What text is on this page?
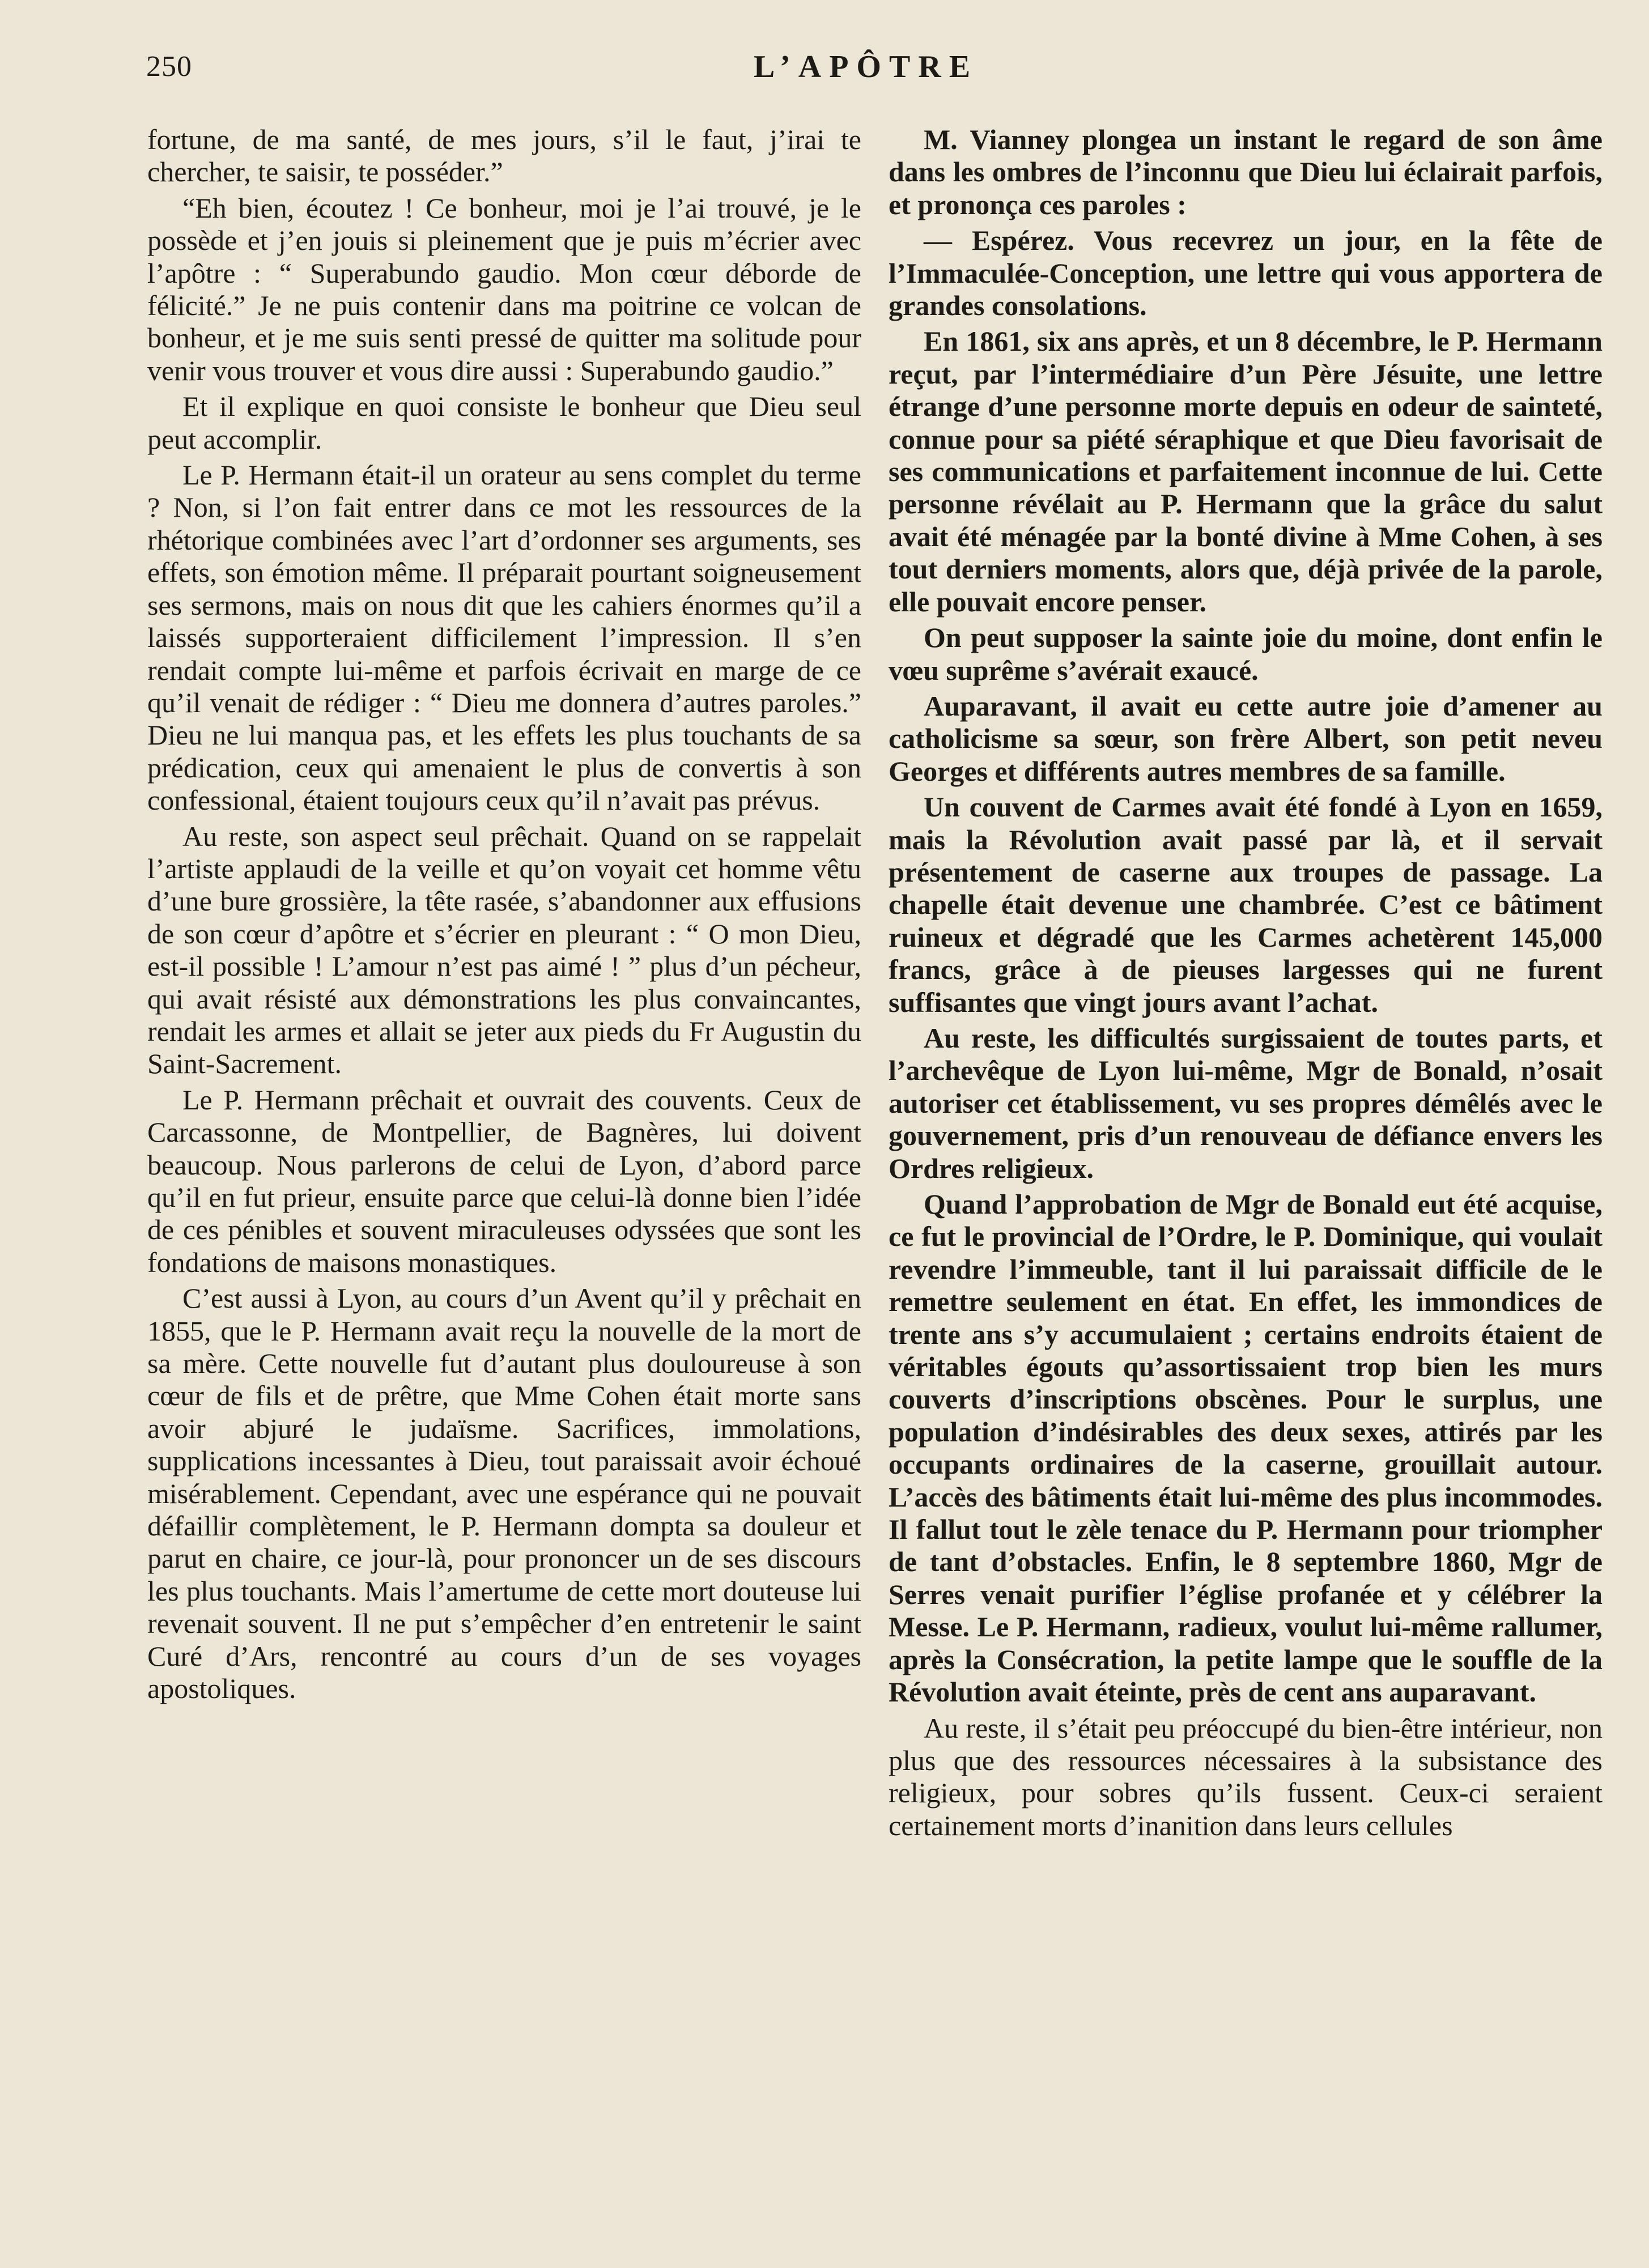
250	L’APÔTRE

fortune, de ma santé, de mes jours, s’il le faut, j’irai te chercher, te saisir, te posséder.”

“Eh bien, écoutez ! Ce bonheur, moi je l’ai trouvé, je le possède et j’en jouis si pleinement que je puis m’écrier avec l’apôtre : “ Superabundo gaudio. Mon cœur déborde de félicité.” Je ne puis contenir dans ma poitrine ce volcan de bonheur, et je me suis senti pressé de quitter ma solitude pour venir vous trouver et vous dire aussi : Superabundo gaudio.”

Et il explique en quoi consiste le bonheur que Dieu seul peut accomplir.

Le P. Hermann était-il un orateur au sens complet du terme ? Non, si l’on fait entrer dans ce mot les ressources de la rhétorique combinées avec l’art d’ordonner ses arguments, ses effets, son émotion même. Il préparait pourtant soigneusement ses sermons, mais on nous dit que les cahiers énormes qu’il a laissés supporteraient difficilement l’impression. Il s’en rendait compte lui-même et parfois écrivait en marge de ce qu’il venait de rédiger : “ Dieu me donnera d’autres paroles.” Dieu ne lui manqua pas, et les effets les plus touchants de sa prédication, ceux qui amenaient le plus de convertis à son confessional, étaient toujours ceux qu’il n’avait pas prévus.

Au reste, son aspect seul prêchait. Quand on se rappelait l’artiste applaudi de la veille et qu’on voyait cet homme vêtu d’une bure grossière, la tête rasée, s’abandonner aux effusions de son cœur d’apôtre et s’écrier en pleurant : “ O mon Dieu, est-il possible ! L’amour n’est pas aimé ! ” plus d’un pécheur, qui avait résisté aux démonstrations les plus convaincantes, rendait les armes et allait se jeter aux pieds du Fr Augustin du Saint-Sacrement.

Le P. Hermann prêchait et ouvrait des couvents. Ceux de Carcassonne, de Montpellier, de Bagnères, lui doivent beaucoup. Nous parlerons de celui de Lyon, d’abord parce qu’il en fut prieur, ensuite parce que celui-là donne bien l’idée de ces pénibles et souvent miraculeuses odyssées que sont les fondations de maisons monastiques.

C’est aussi à Lyon, au cours d’un Avent qu’il y prêchait en 1855, que le P. Hermann avait reçu la nouvelle de la mort de sa mère. Cette nouvelle fut d’autant plus douloureuse à son cœur de fils et de prêtre, que Mme Cohen était morte sans avoir abjuré le judaïsme. Sacrifices, immolations, supplications incessantes à Dieu, tout paraissait avoir échoué misérablement. Cependant, avec une espérance qui ne pouvait défaillir complètement, le P. Hermann dompta sa douleur et parut en chaire, ce jour-là, pour prononcer un de ses discours les plus touchants. Mais l’amertume de cette mort douteuse lui revenait souvent. Il ne put s’empêcher d’en entretenir le saint Curé d’Ars, rencontré au cours d’un de ses voyages apostoliques.

M. Vianney plongea un instant le regard de son âme dans les ombres de l’inconnu que Dieu lui éclairait parfois, et prononça ces paroles :

— Espérez. Vous recevrez un jour, en la fête de l’Immaculée-Conception, une lettre qui vous apportera de grandes consolations.

En 1861, six ans après, et un 8 décembre, le P. Hermann reçut, par l’intermédiaire d’un Père Jésuite, une lettre étrange d’une personne morte depuis en odeur de sainteté, connue pour sa piété séraphique et que Dieu favorisait de ses communications et parfaitement inconnue de lui. Cette personne révélait au P. Hermann que la grâce du salut avait été ménagée par la bonté divine à Mme Cohen, à ses tout derniers moments, alors que, déjà privée de la parole, elle pouvait encore penser.

On peut supposer la sainte joie du moine, dont enfin le vœu suprême s’avérait exaucé.

Auparavant, il avait eu cette autre joie d’amener au catholicisme sa sœur, son frère Albert, son petit neveu Georges et différents autres membres de sa famille.

Un couvent de Carmes avait été fondé à Lyon en 1659, mais la Révolution avait passé par là, et il servait présentement de caserne aux troupes de passage. La chapelle était devenue une chambrée. C’est ce bâtiment ruineux et dégradé que les Carmes achetèrent 145,000 francs, grâce à de pieuses largesses qui ne furent suffisantes que vingt jours avant l’achat.

Au reste, les difficultés surgissaient de toutes parts, et l’archevêque de Lyon lui-même, Mgr de Bonald, n’osait autoriser cet établissement, vu ses propres démêlés avec le gouvernement, pris d’un renouveau de défiance envers les Ordres religieux.

Quand l’approbation de Mgr de Bonald eut été acquise, ce fut le provincial de l’Ordre, le P. Dominique, qui voulait revendre l’immeuble, tant il lui paraissait difficile de le remettre seulement en état. En effet, les immondices de trente ans s’y accumulaient ; certains endroits étaient de véritables égouts qu’assortissaient trop bien les murs couverts d’inscriptions obscènes. Pour le surplus, une population d’indésirables des deux sexes, attirés par les occupants ordinaires de la caserne, grouillait autour. L’accès des bâtiments était lui-même des plus incommodes. Il fallut tout le zèle tenace du P. Hermann pour triompher de tant d’obstacles. Enfin, le 8 septembre 1860, Mgr de Serres venait purifier l’église profanée et y célébrer la Messe. Le P. Hermann, radieux, voulut lui-même rallumer, après la Consécration, la petite lampe que le souffle de la Révolution avait éteinte, près de cent ans auparavant.

Au reste, il s’était peu préoccupé du bien-être intérieur, non plus que des ressources nécessaires à la subsistance des religieux, pour sobres qu’ils fussent. Ceux-ci seraient certainement morts d’inanition dans leurs cellules
